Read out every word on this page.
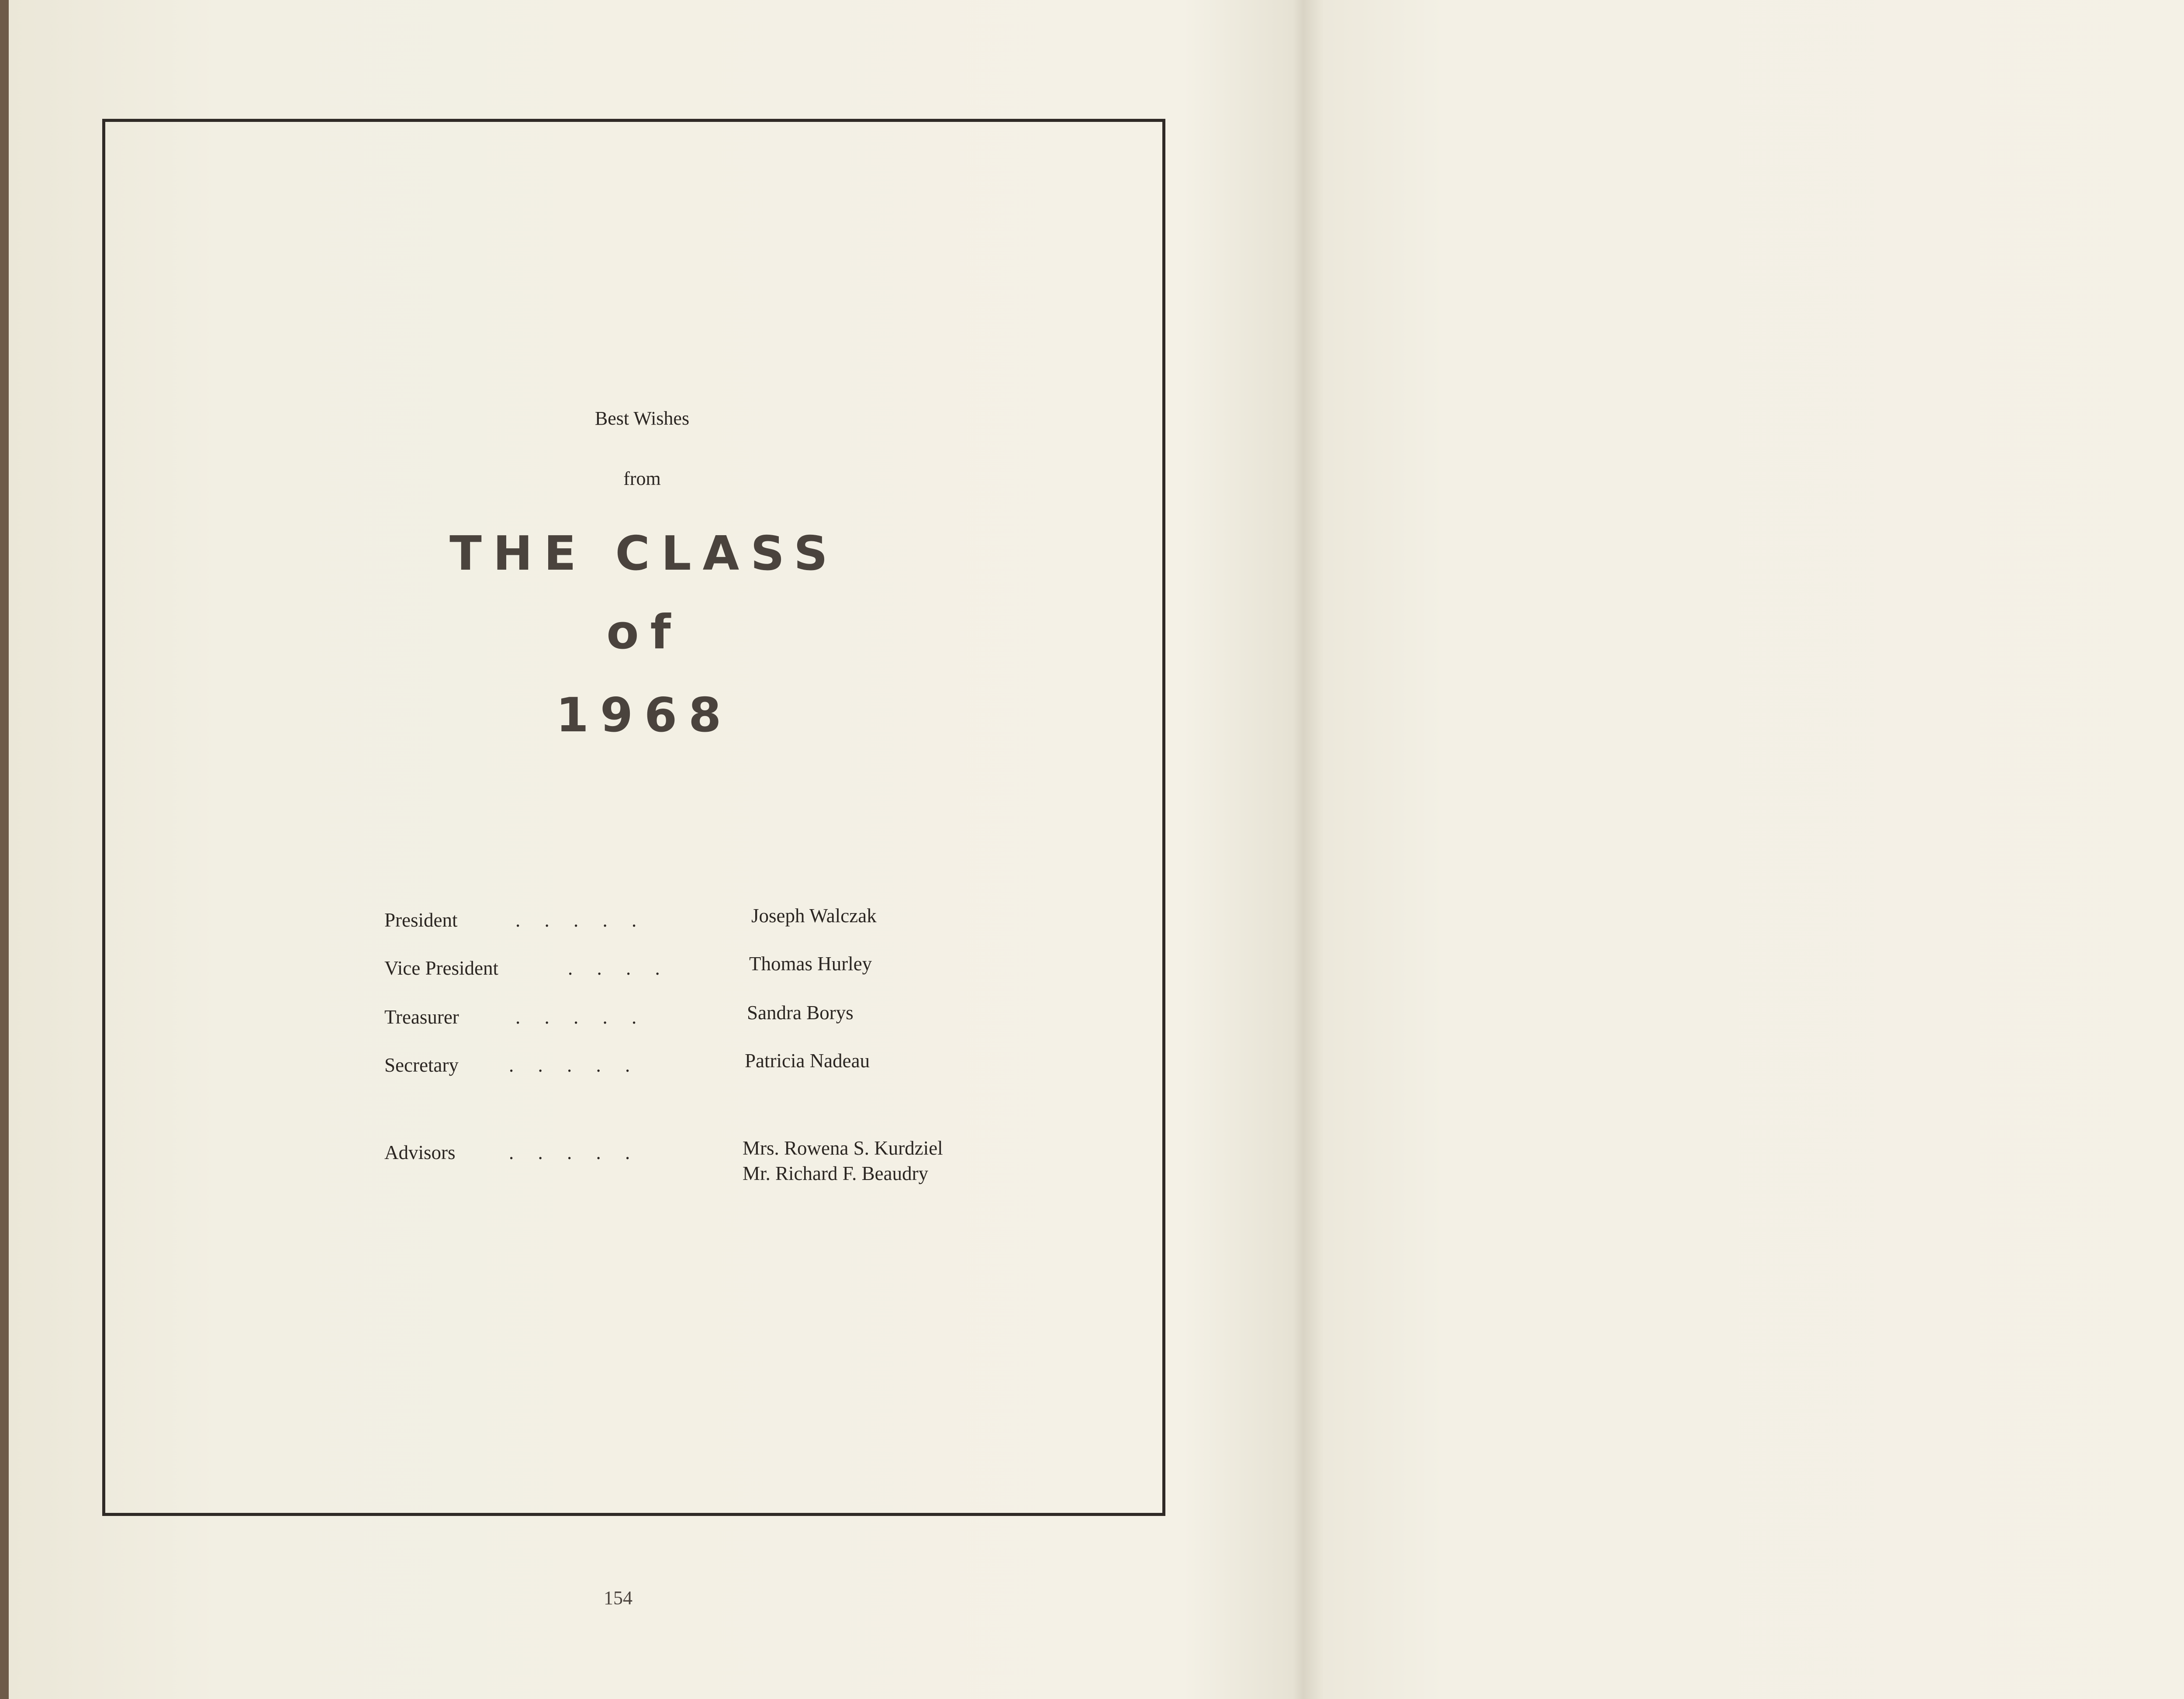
Best Wishes
from
THE CLASS
of
1968
President	. . . . .	Joseph Walczak
Vice President	. . . .	Thomas Hurley
Treasurer	. . . . .	Sandra Borys
Secretary	. . . . .	Patricia Nadeau
Advisors	. . . . .	Mrs. Rowena S. Kurdziel
Mr. Richard F. Beaudry
154
